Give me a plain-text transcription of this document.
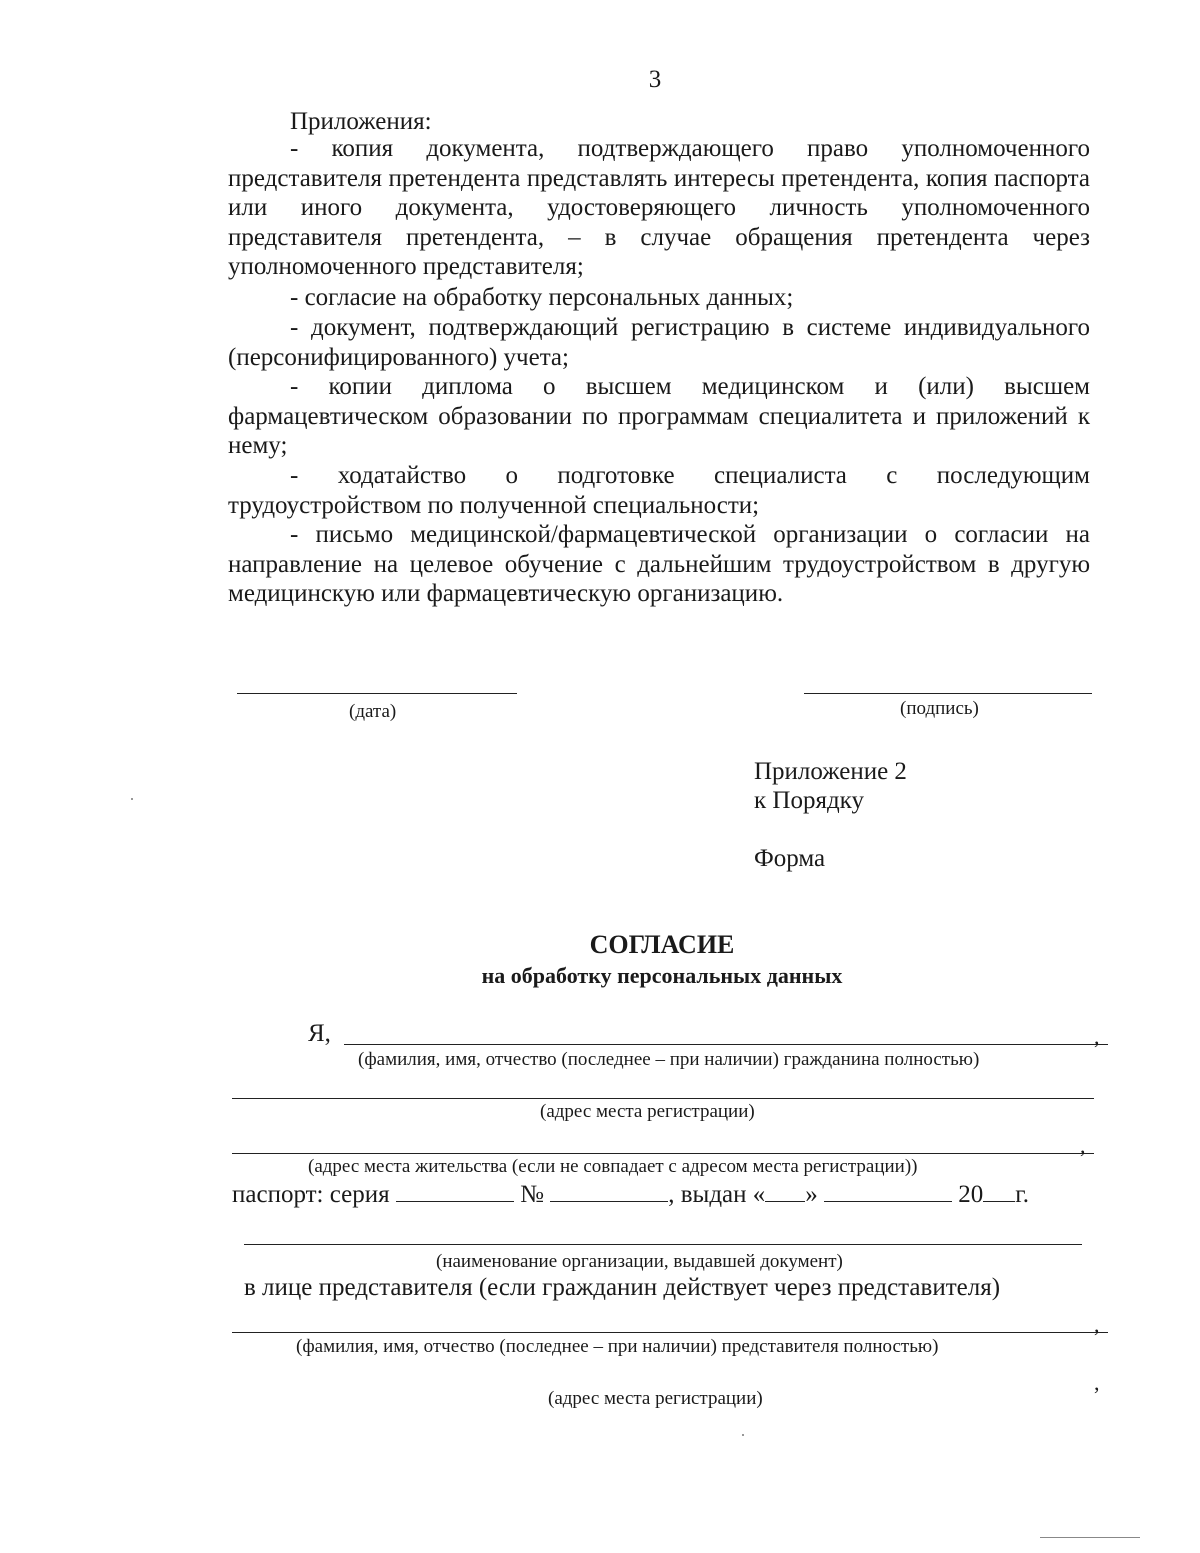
3
Приложения:
- копия документа, подтверждающего право уполномоченного представителя претендента представлять интересы претендента, копия паспорта или иного документа, удостоверяющего личность уполномоченного представителя претендента, – в случае обращения претендента через уполномоченного представителя;
- согласие на обработку персональных данных;
- документ, подтверждающий регистрацию в системе индивидуального (персонифицированного) учета;
- копии диплома о высшем медицинском и (или) высшем фармацевтическом образовании по программам специалитета и приложений к нему;
- ходатайство о подготовке специалиста с последующим трудоустройством по полученной специальности;
- письмо медицинской/фармацевтической организации о согласии на направление на целевое обучение с дальнейшим трудоустройством в другую медицинскую или фармацевтическую организацию.
(дата)	(подпись)
Приложение 2
к Порядку
Форма
СОГЛАСИЕ
на обработку персональных данных
Я,	,
(фамилия, имя, отчество (последнее – при наличии) гражданина полностью)
(адрес места регистрации)
,
(адрес места жительства (если не совпадает с адресом места регистрации))
паспорт: серия	№	, выдан « »	20 г.
(наименование организации, выдавшей документ)
в лице представителя (если гражданин действует через представителя)
,
(фамилия, имя, отчество (последнее – при наличии) представителя полностью)
,
(адрес места регистрации)
